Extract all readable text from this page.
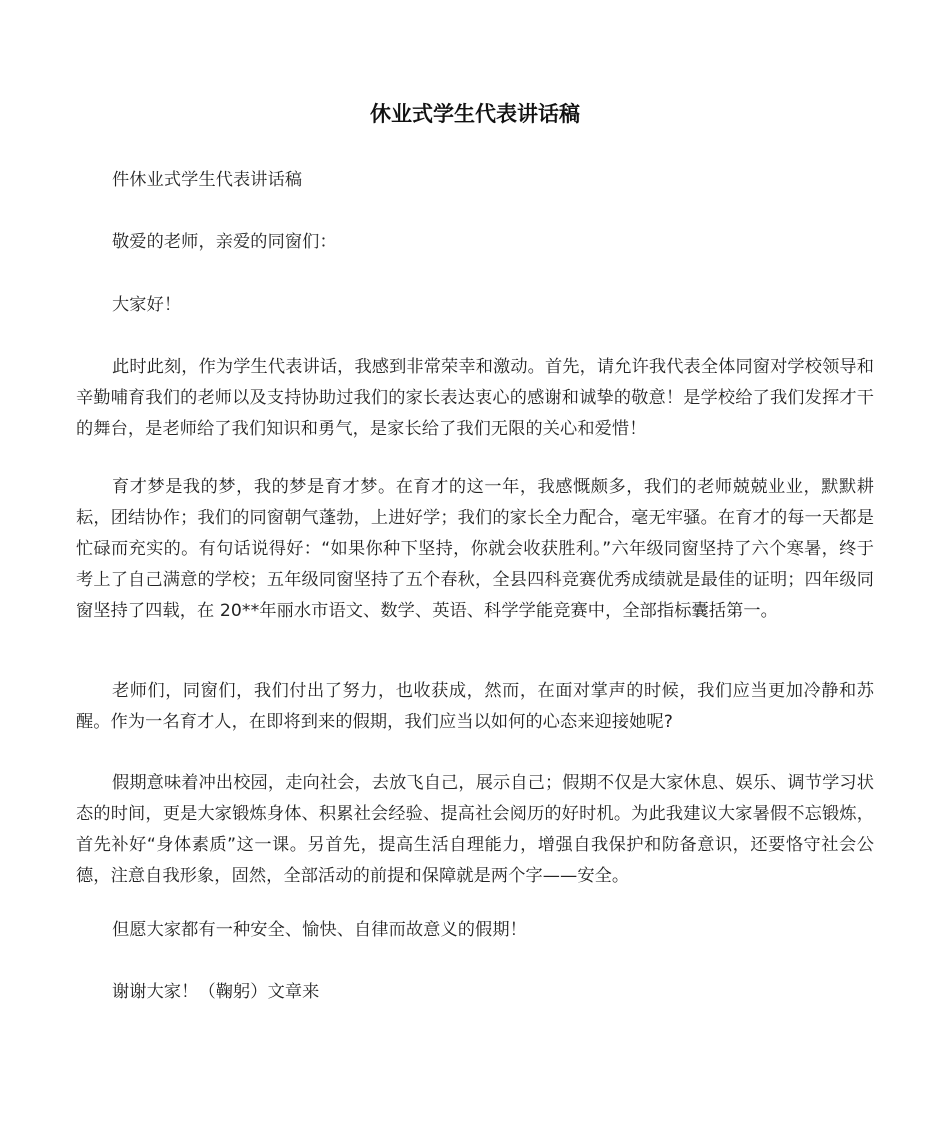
休业式学生代表讲话稿

件休业式学生代表讲话稿

敬爱的老师，亲爱的同窗们：

大家好！

此时此刻，作为学生代表讲话，我感到非常荣幸和激动。首先，请允许我代表全体同窗对学校领导和辛勤哺育我们的老师以及支持协助过我们的家长表达衷心的感谢和诚挚的敬意！是学校给了我们发挥才干的舞台，是老师给了我们知识和勇气，是家长给了我们无限的关心和爱惜！

育才梦是我的梦，我的梦是育才梦。在育才的这一年，我感慨颇多，我们的老师兢兢业业，默默耕耘，团结协作；我们的同窗朝气蓬勃，上进好学；我们的家长全力配合，毫无牢骚。在育才的每一天都是忙碌而充实的。有句话说得好：“如果你种下坚持，你就会收获胜利。”六年级同窗坚持了六个寒暑，终于考上了自己满意的学校；五年级同窗坚持了五个春秋，全县四科竞赛优秀成绩就是最佳的证明；四年级同窗坚持了四载，在 20**年丽水市语文、数学、英语、科学学能竞赛中，全部指标囊括第一。

老师们，同窗们，我们付出了努力，也收获成，然而，在面对掌声的时候，我们应当更加冷静和苏醒。作为一名育才人，在即将到来的假期，我们应当以如何的心态来迎接她呢?

假期意味着冲出校园，走向社会，去放飞自己，展示自己；假期不仅是大家休息、娱乐、调节学习状态的时间，更是大家锻炼身体、积累社会经验、提高社会阅历的好时机。为此我建议大家暑假不忘锻炼，首先补好“身体素质”这一课。另首先，提高生活自理能力，增强自我保护和防备意识，还要恪守社会公德，注意自我形象，固然，全部活动的前提和保障就是两个字——安全。

但愿大家都有一种安全、愉快、自律而故意义的假期！

谢谢大家！（鞠躬）文章来
